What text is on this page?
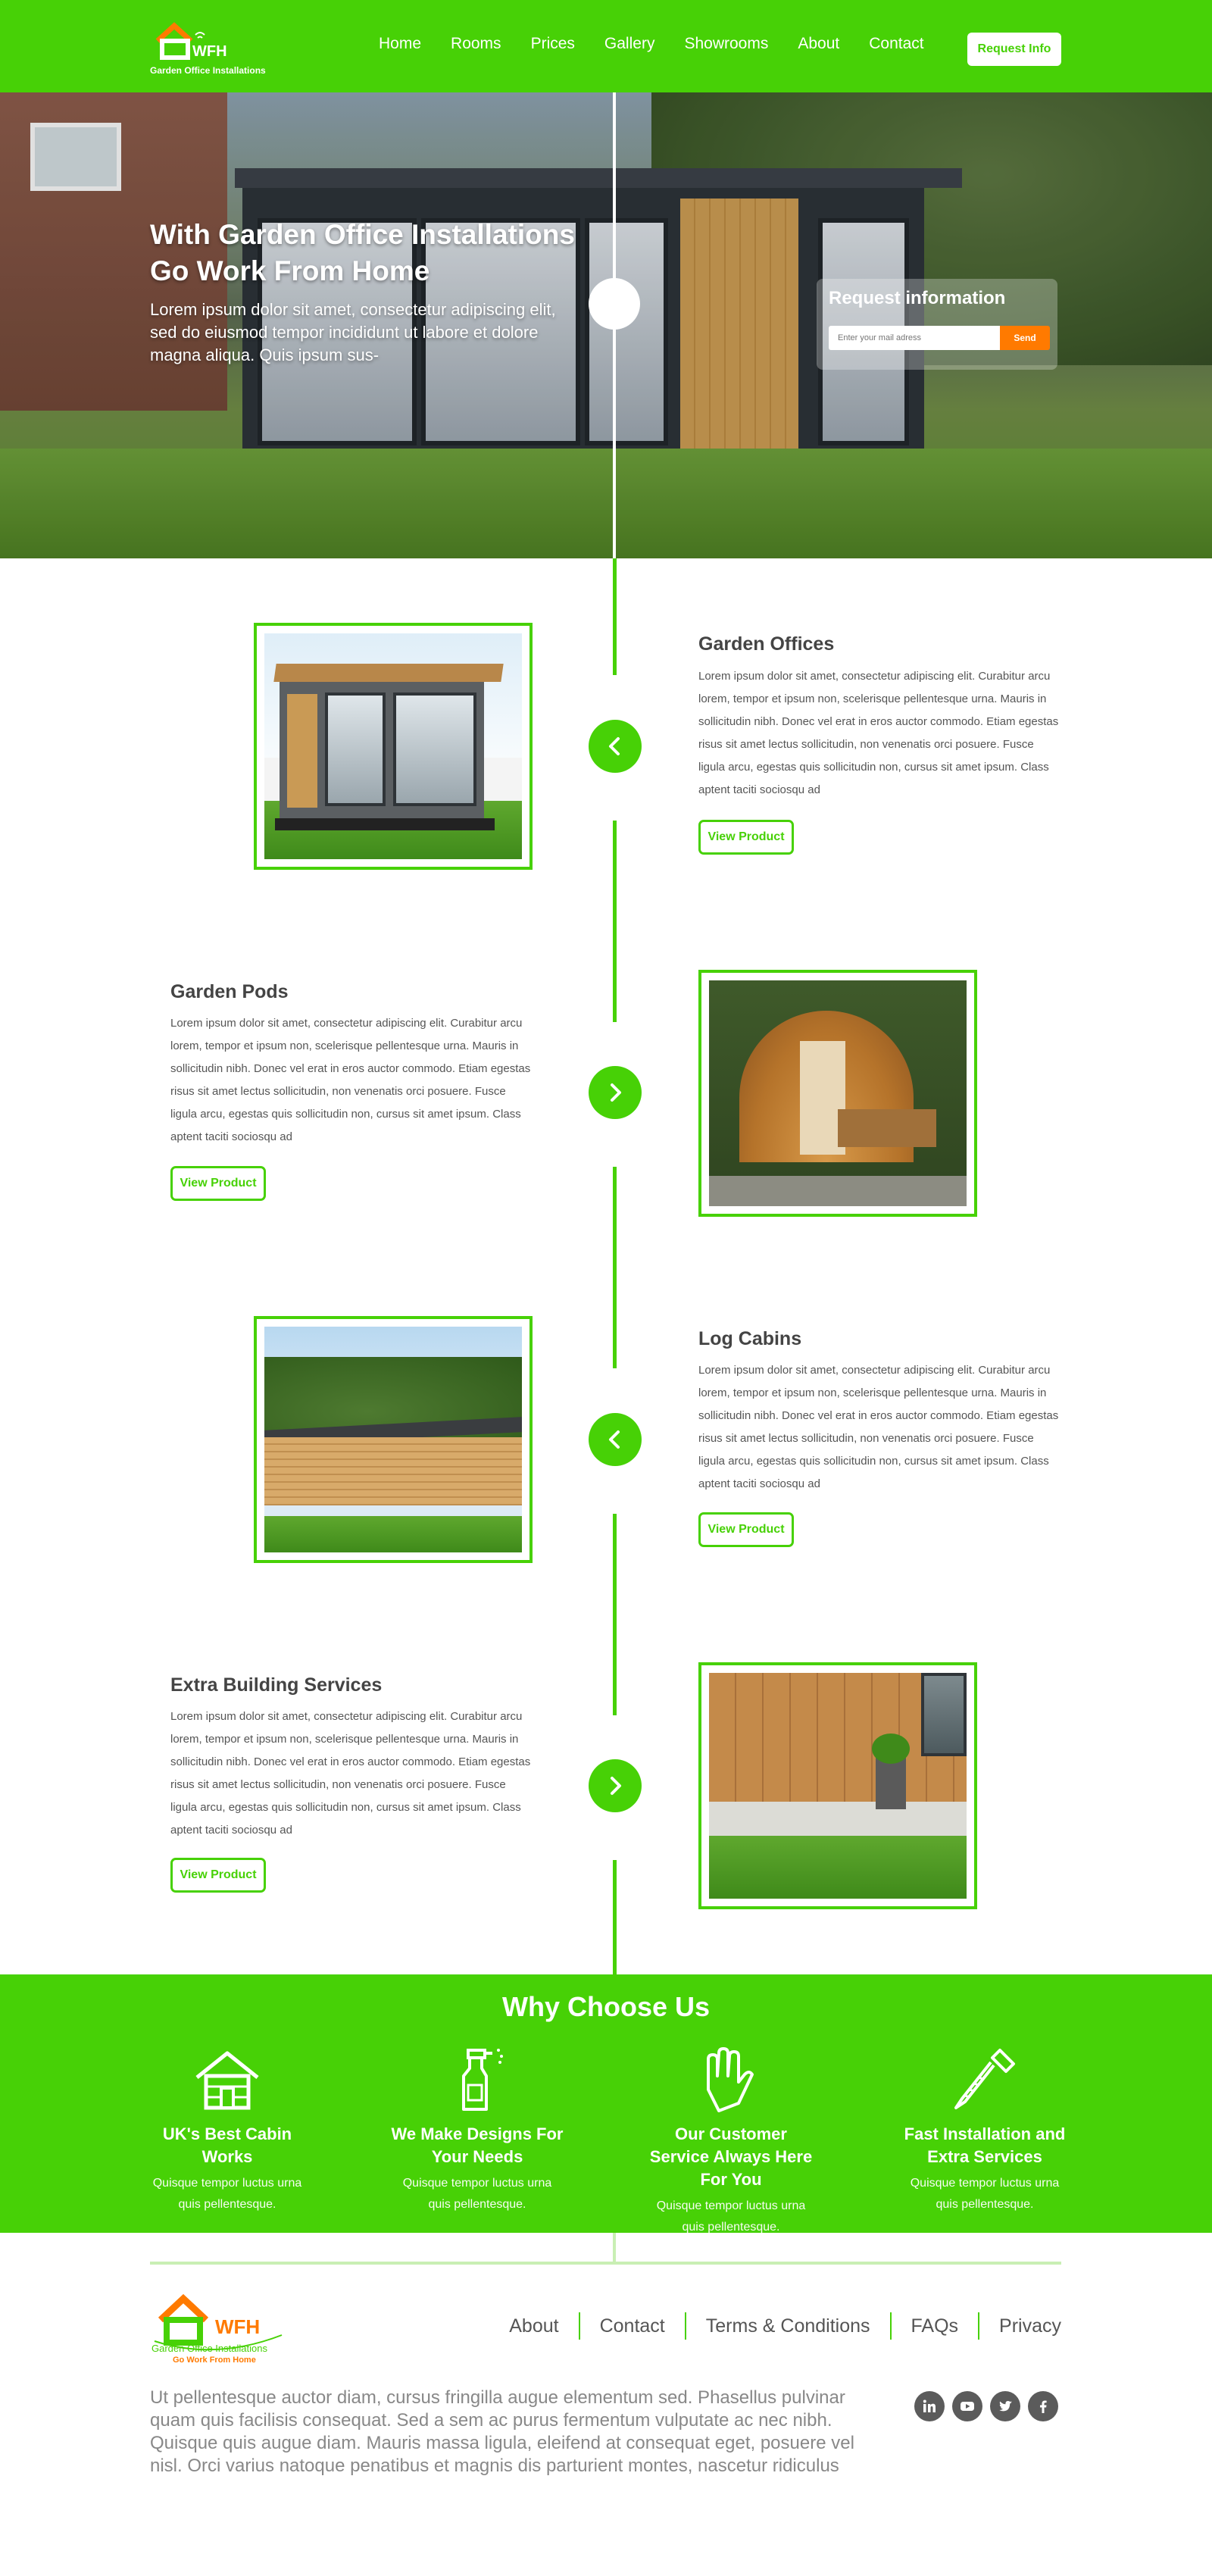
WFH
Garden Office Installations
Home Rooms Prices Gallery Showrooms About Contact	Request Info
With Garden Office Installations Go Work From Home
Lorem ipsum dolor sit amet, consectetur adipiscing elit, sed do eiusmod tempor incididunt ut labore et dolore magna aliqua. Quis ipsum sus-
Request information
Enter your mail adress
Send
Garden Offices
Lorem ipsum dolor sit amet, consectetur adipiscing elit. Curabitur arcu lorem, tempor et ipsum non, scelerisque pellentesque urna. Mauris in sollicitudin nibh. Donec vel erat in eros auctor commodo. Etiam egestas risus sit amet lectus sollicitudin, non venenatis orci posuere. Fusce ligula arcu, egestas quis sollicitudin non, cursus sit amet ipsum. Class aptent taciti sociosqu ad
View Product
Garden Pods
Lorem ipsum dolor sit amet, consectetur adipiscing elit. Curabitur arcu lorem, tempor et ipsum non, scelerisque pellentesque urna. Mauris in sollicitudin nibh. Donec vel erat in eros auctor commodo. Etiam egestas risus sit amet lectus sollicitudin, non venenatis orci posuere. Fusce ligula arcu, egestas quis sollicitudin non, cursus sit amet ipsum. Class aptent taciti sociosqu ad
View Product
Log Cabins
Lorem ipsum dolor sit amet, consectetur adipiscing elit. Curabitur arcu lorem, tempor et ipsum non, scelerisque pellentesque urna. Mauris in sollicitudin nibh. Donec vel erat in eros auctor commodo. Etiam egestas risus sit amet lectus sollicitudin, non venenatis orci posuere. Fusce ligula arcu, egestas quis sollicitudin non, cursus sit amet ipsum. Class aptent taciti sociosqu ad
View Product
Extra Building Services
Lorem ipsum dolor sit amet, consectetur adipiscing elit. Curabitur arcu lorem, tempor et ipsum non, scelerisque pellentesque urna. Mauris in sollicitudin nibh. Donec vel erat in eros auctor commodo. Etiam egestas risus sit amet lectus sollicitudin, non venenatis orci posuere. Fusce ligula arcu, egestas quis sollicitudin non, cursus sit amet ipsum. Class aptent taciti sociosqu ad
View Product
Why Choose Us
UK's Best Cabin Works
Quisque tempor luctus urna quis pellentesque.
We Make Designs For Your Needs
Quisque tempor luctus urna quis pellentesque.
Our Customer Service Always Here For You
Quisque tempor luctus urna quis pellentesque.
Fast Installation and Extra Services
Quisque tempor luctus urna quis pellentesque.
WFH
Garden Office Installations
Go Work From Home
About	Contact	Terms & Conditions	FAQs	Privacy
Ut pellentesque auctor diam, cursus fringilla augue elementum sed. Phasellus pulvinar quam quis facilisis consequat. Sed a sem ac purus fermentum vulputate ac nec nibh. Quisque quis augue diam. Mauris massa ligula, eleifend at consequat eget, posuere vel nisl. Orci varius natoque penatibus et magnis dis parturient montes, nascetur ridiculus
